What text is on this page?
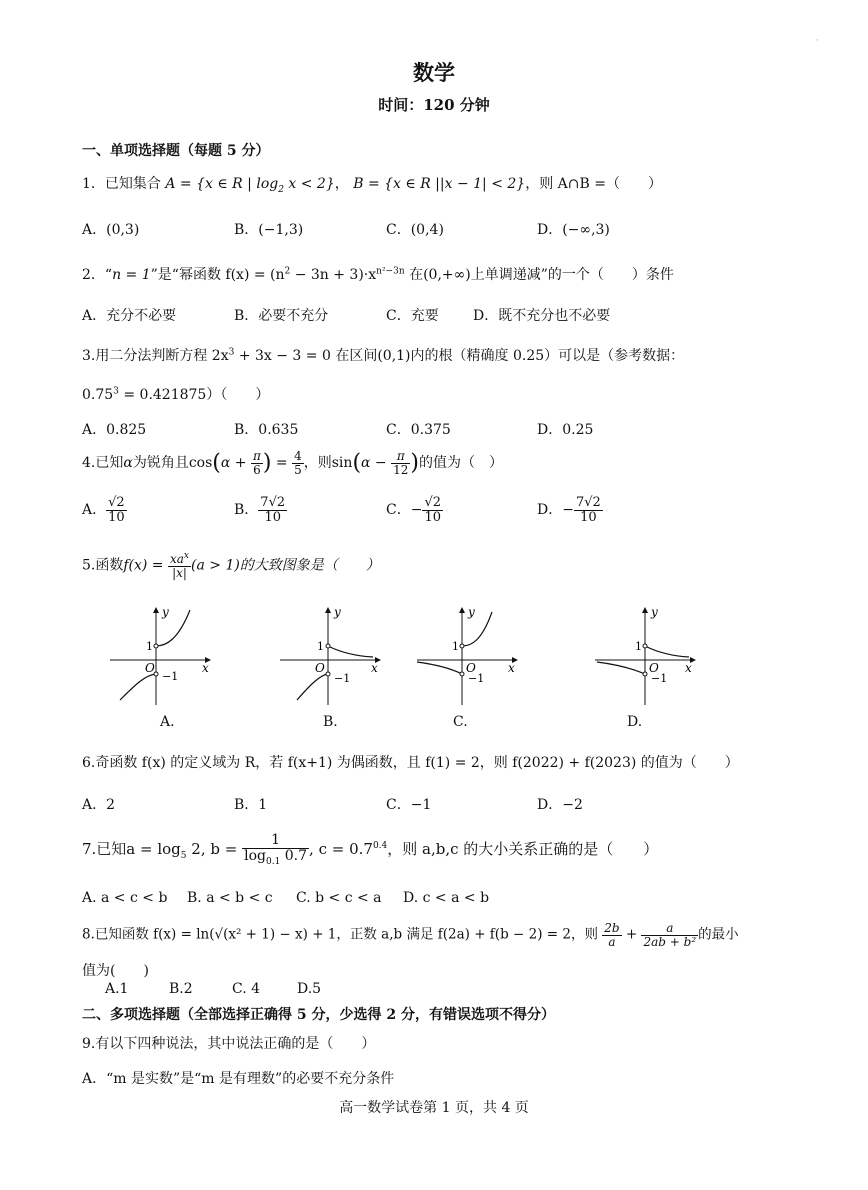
·
数学
时间：120 分钟
一、单项选择题（每题 5 分）
1．已知集合 A = {x ∈ R | $\log_2 x < 2$}， B = {x ∈ R ||x − 1| < 2}，则 A∩B =（　　）
A．(0,3)	B．(−1,3)	C．(0,4)	D．(−∞,3)
2．“n = 1”是“幂函数 $f(x) = (n^2 - 3n + 3)\cdot x^{n^2-3n}$ 在(0,+∞)上单调递减”的一个（　　）条件
A．充分不必要	B．必要不充分	C．充要 D．既不充分也不必要
3.用二分法判断方程 $2x^3 + 3x - 3 = 0$ 在区间(0,1)内的根（精确度 0.25）可以是（参考数据：
$0.75^3 = 0.421875$）（　　）
A．0.825	B．0.635	C．0.375	D．0.25
4.已知α为锐角且$\cos(\alpha + \frac{\pi}{6}$ ) = $\frac{4}{5}$ ，则$\sin(\alpha - \frac{\pi}{12}$ )的值为（　）
A． $\frac{√2}{10}$	B． $\frac{7√2}{10}$	C．− $\frac{√2}{10}$	D．− $\frac{7√2}{10}$
5.函数$f(x) = \frac{xa^x}{|x|} (a > 1)$的大致图象是（　　）
y
x
O
1
−1
y
x
O
1
−1
y
x
O
1
−1
y
x
O
1
−1
A.	B.	C.	D.
6.奇函数 f(x) 的定义域为 R，若 f(x+1) 为偶函数，且 f(1) = 2，则 f(2022) + f(2023) 的值为（　　）
A．2	B．1	C．−1	D．−2
7.已知$a = \log_5 2$, $b = \frac{1}{\log_{0.1} 0.7}$ , $c = 0.7^{0.4}$，则 a,b,c 的大小关系正确的是（　　）
A. a < c < b B. a < b < c C. b < c < a D. c < a < b
8.已知函数 f(x) = ln(√(x² + 1) − x) + 1，正数 a,b 满足 f(2a) + f(b − 2) = 2，则 $\frac{2b}{a} + \frac{a}{\text{2ab + b²}}$ 的最小
值为(　　)
A.1	B.2	C. 4	D.5
二、多项选择题（全部选择正确得 5 分，少选得 2 分，有错误选项不得分）
9.有以下四种说法，其中说法正确的是（　　）
A．“m 是实数”是“m 是有理数”的必要不充分条件
高一数学试卷第 1 页，共 4 页
